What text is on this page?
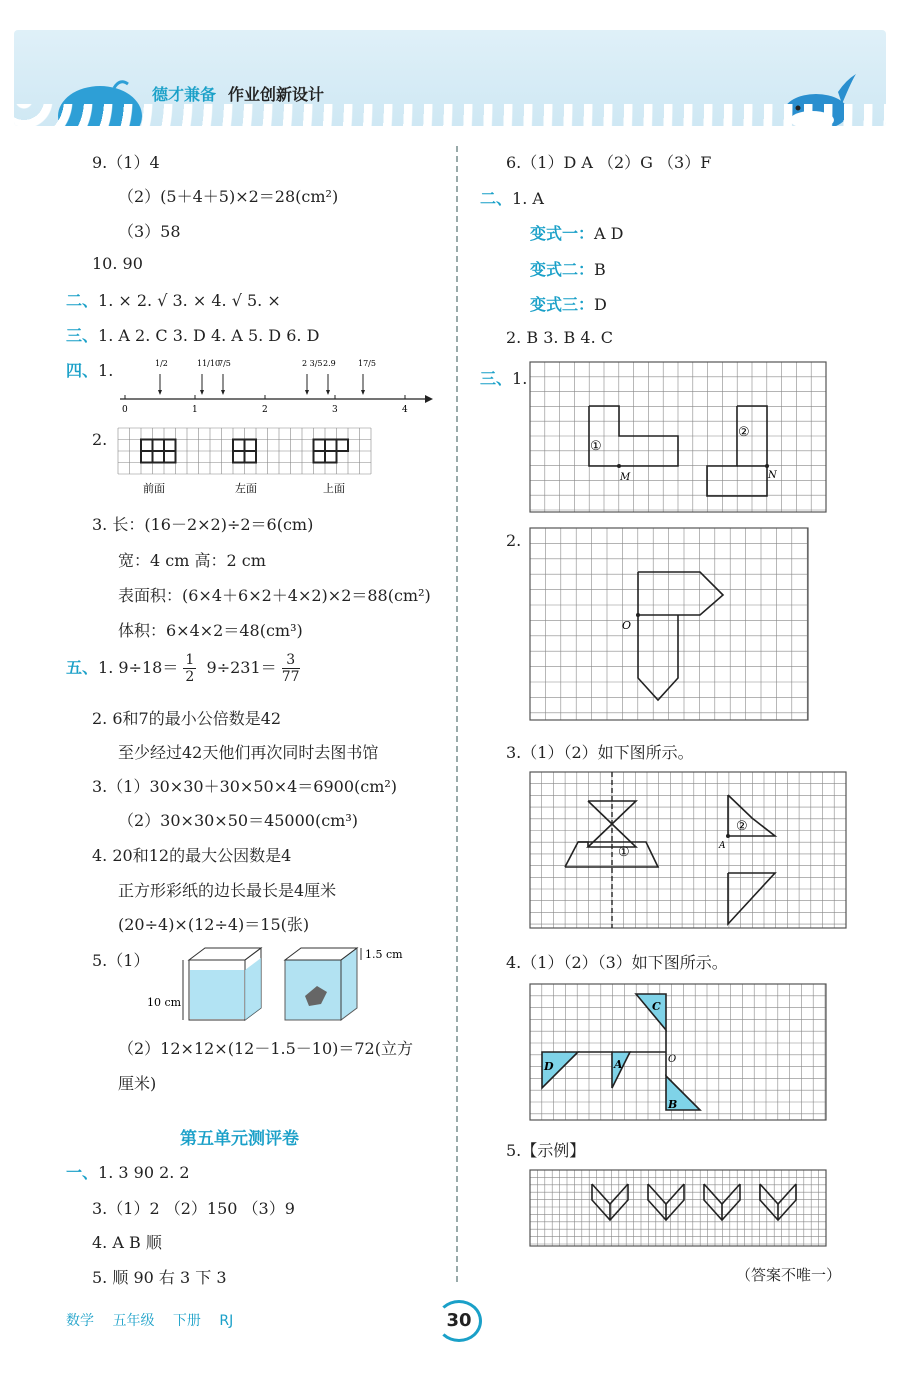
德才兼备 作业创新设计
9.（1）4
（2）(5＋4＋5)×2＝28(cm²)
（3）58
10. 90
二、1. × 2. √ 3. × 4. √ 5. ×
三、1. A 2. C 3. D 4. A 5. D 6. D
四、1.
0	1	2	3	4
1/2	11/10
7/5	2 3/5 2.9	17/5
2.
前面	左面	上面
3. 长：(16－2×2)÷2＝6(cm)
宽：4 cm 高：2 cm
表面积：(6×4＋6×2＋4×2)×2＝88(cm²)
体积：6×4×2＝48(cm³)
五、1. $9\div 18= \frac{1}{2} 9\div 231= \frac{3}{77}$
2. 6和7的最小公倍数是42
至少经过42天他们再次同时去图书馆
3.（1）30×30＋30×50×4＝6900(cm²)
（2）30×30×50＝45000(cm³)
4. 20和12的最大公因数是4
正方形彩纸的边长最长是4厘米
(20÷4)×(12÷4)＝15(张)
5.（1）
10 cm
1.5 cm
（2）12×12×(12－1.5－10)＝72(立方
厘米)
第五单元测评卷
一、1. 3 90 2. 2
3.（1）2 （2）150 （3）9
4. A B 顺
5. 顺 90 右 3 下 3
6.（1）D A （2）G （3）F
二、1. A
变式一：A D
变式二：B
变式三：D
2. B 3. B 4. C
三、1.
①
②
M	N
2.
O
3.（1）（2）如下图所示。
①
②
A
4.（1）（2）（3）如下图所示。
C
A
D
B
O
5.【示例】
（答案不唯一）
数学 五年级 下册 RJ	30
